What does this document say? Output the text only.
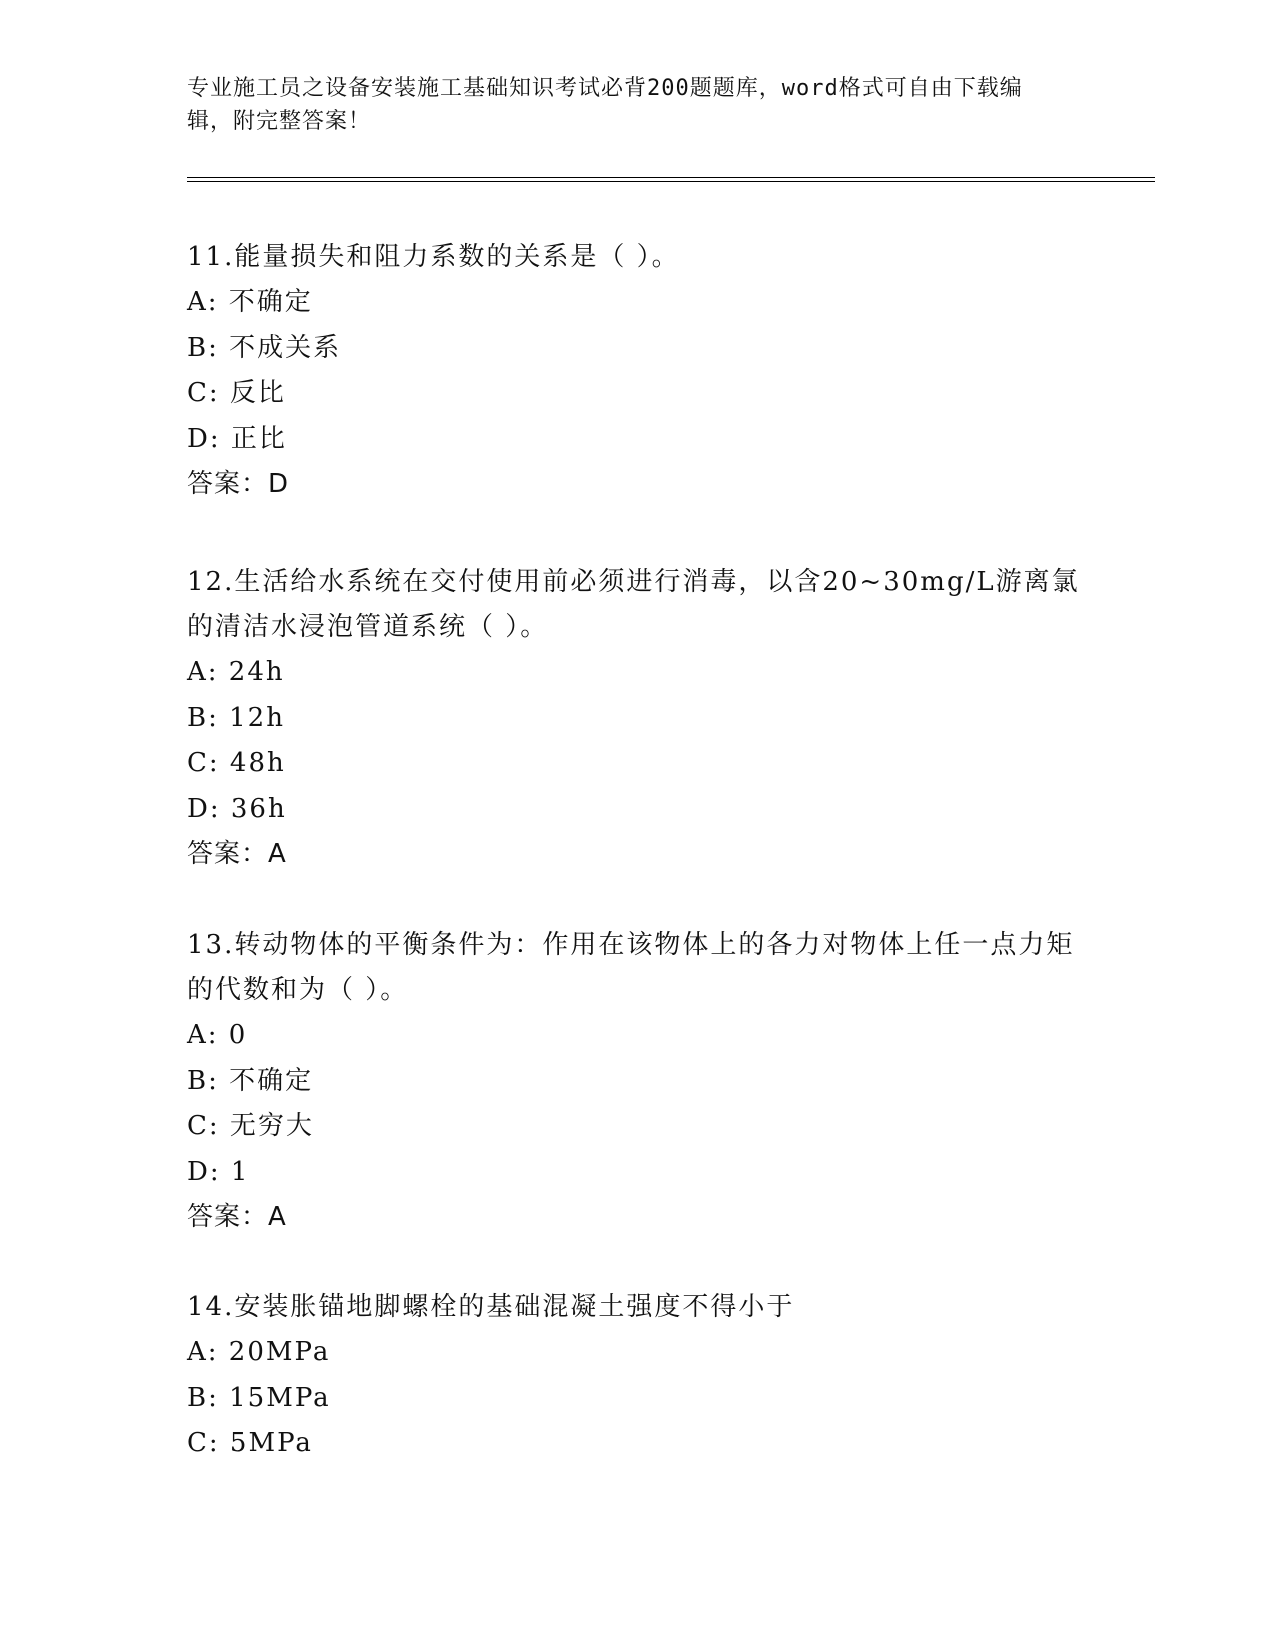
专业施工员之设备安装施工基础知识考试必背200题题库，word格式可自由下载编辑，附完整答案！

11.能量损失和阻力系数的关系是（ ）。

A: 不确定

B: 不成关系

C: 反比

D: 正比

答案：D

12.生活给水系统在交付使用前必须进行消毒，以含20~30mg/L游离氯的清洁水浸泡管道系统（ ）。

A: 24h

B: 12h

C: 48h

D: 36h

答案：A

13.转动物体的平衡条件为：作用在该物体上的各力对物体上任一点力矩的代数和为（ ）。

A: 0

B: 不确定

C: 无穷大

D: 1

答案：A

14.安装胀锚地脚螺栓的基础混凝土强度不得小于

A: 20MPa

B: 15MPa

C: 5MPa
